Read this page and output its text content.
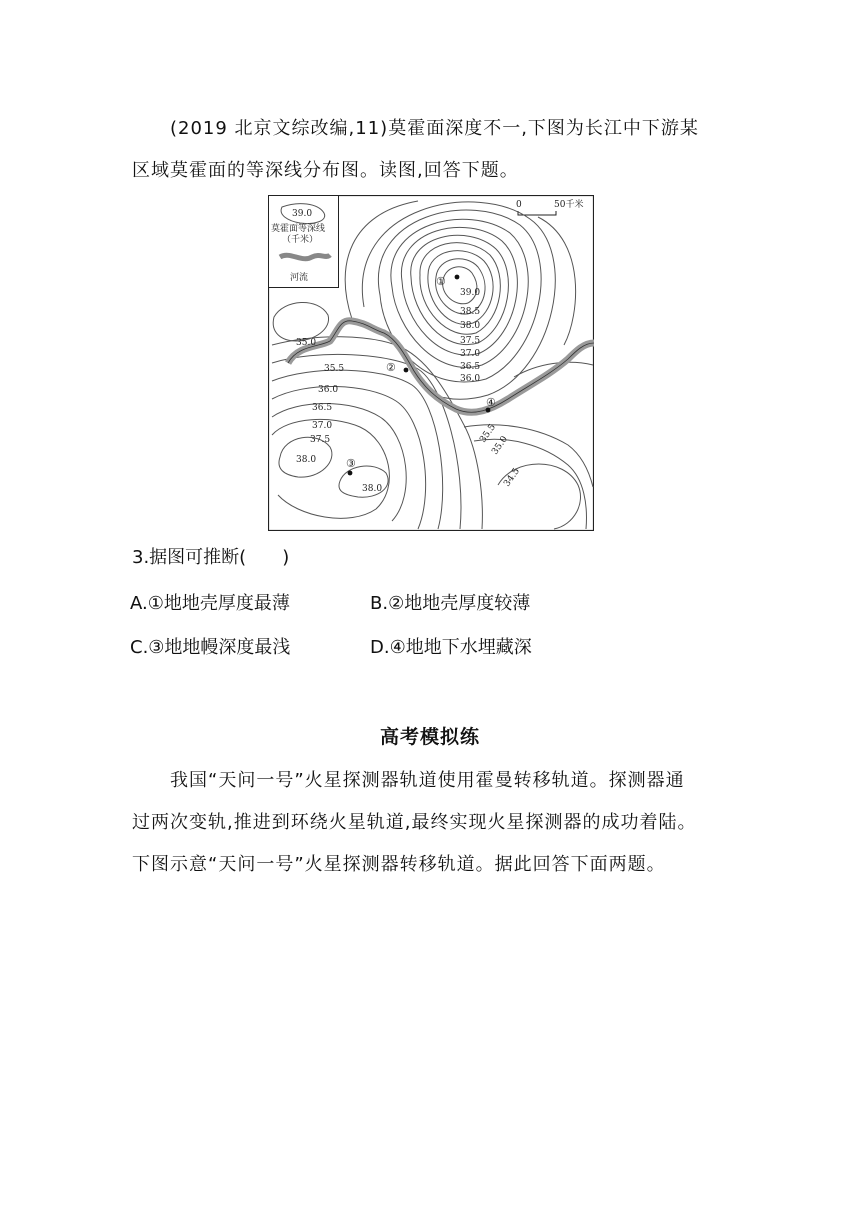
(2019 北京文综改编,11)莫霍面深度不一,下图为长江中下游某
区域莫霍面的等深线分布图。读图,回答下题。
39.0
莫霍面等深线
（千米）
河流
0	50千米
39.0
38.5
38.0
37.5
37.0
36.5
36.0
35.0
35.5
36.0
36.5
37.0
37.5
38.0
38.0
35.5
35.0
34.5
①
②
③
④
3.据图可推断(　　)
A.①地地壳厚度最薄	B.②地地壳厚度较薄
C.③地地幔深度最浅	D.④地地下水埋藏深
高考模拟练
　　我国“天问一号”火星探测器轨道使用霍曼转移轨道。探测器通
过两次变轨,推进到环绕火星轨道,最终实现火星探测器的成功着陆。
下图示意“天问一号”火星探测器转移轨道。据此回答下面两题。
